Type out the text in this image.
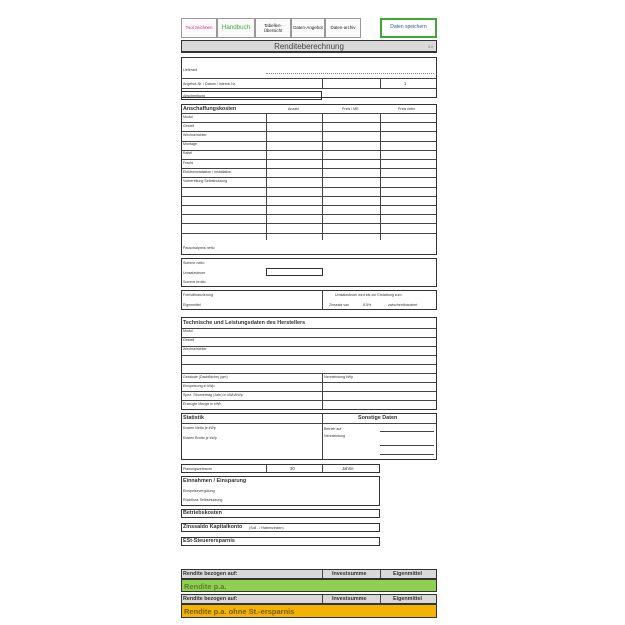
Tool zeichnen Handbuch	Tabellen-Übersicht
Daten-Angebot Daten-archiv	Daten speichern
Renditeberechnung	0.0
Lieferant
Angebot-Nr. / Datum / Interne-Nr.	1
Abschreibung
Anschaffungskosten	Anzahl	Preis / ME	Preis netto
Modul
Gestell
Wechselrichter
Montage
Kabel
Fracht
Elektroinstallation / Installation
Vorbereitung Selbstnutzung
Pauschalpreis netto
Summe netto
Umsatzsteuer
Summe brutto
Fremdfinanzierung
Eigenmittel
Umsatzsteuer wird bis zur Erstattung zum
Zinssatz von	8,5%	zwischenfinanziert
Technische und Leistungsdaten des Herstellers
Modul
Gestell
Wechselrichter
Gebäude (Dachfläche) (qm)	Nennleistung kWp
Einspeisung in kWp
Spez. Stromertrag (Jahr) in kWh/kWp
Erzeugte Menge in kWh
Statistik	Sonstige Daten
Kosten Netto je kWp
Kosten Brutto je kWp
Betrieb auf
Nennleistung
Planungszeitraum	30	Jahr/e
Einnahmen / Einsparung
Einspeisevergütung
Rückfluss Selbstnutzung
Betriebskosten
Zinssaldo Kapitalkonto (Soll - / Habenzinsen)
ESt-Steuerersparnis
Rendite bezogen auf:	Investsumme	Eigenmittel
Rendite p.a.
Rendite bezogen auf:	Investsumme	Eigenmittel
Rendite p.a. ohne St.-ersparnis
